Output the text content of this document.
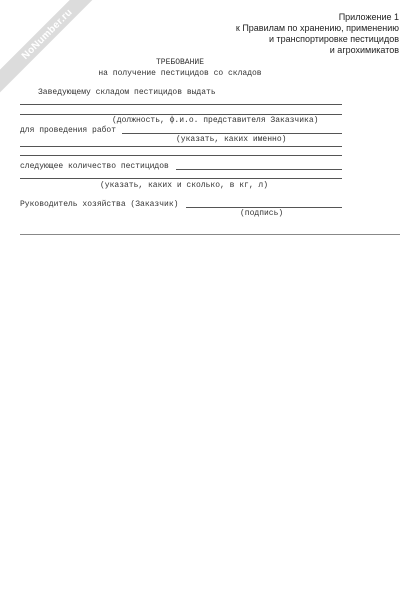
NoNumber.ru	Приложение 1
к Правилам по хранению, применению
и транспортировке пестицидов
и агрохимикатов
ТРЕБОВАНИЕ
на получение пестицидов со складов
Заведующему складом пестицидов выдать
(должность, ф.и.о. представителя Заказчика)
для проведения работ
(указать, каких именно)
следующее количество пестицидов
(указать, каких и сколько, в кг, л)
Руководитель хозяйства (Заказчик)
(подпись)
